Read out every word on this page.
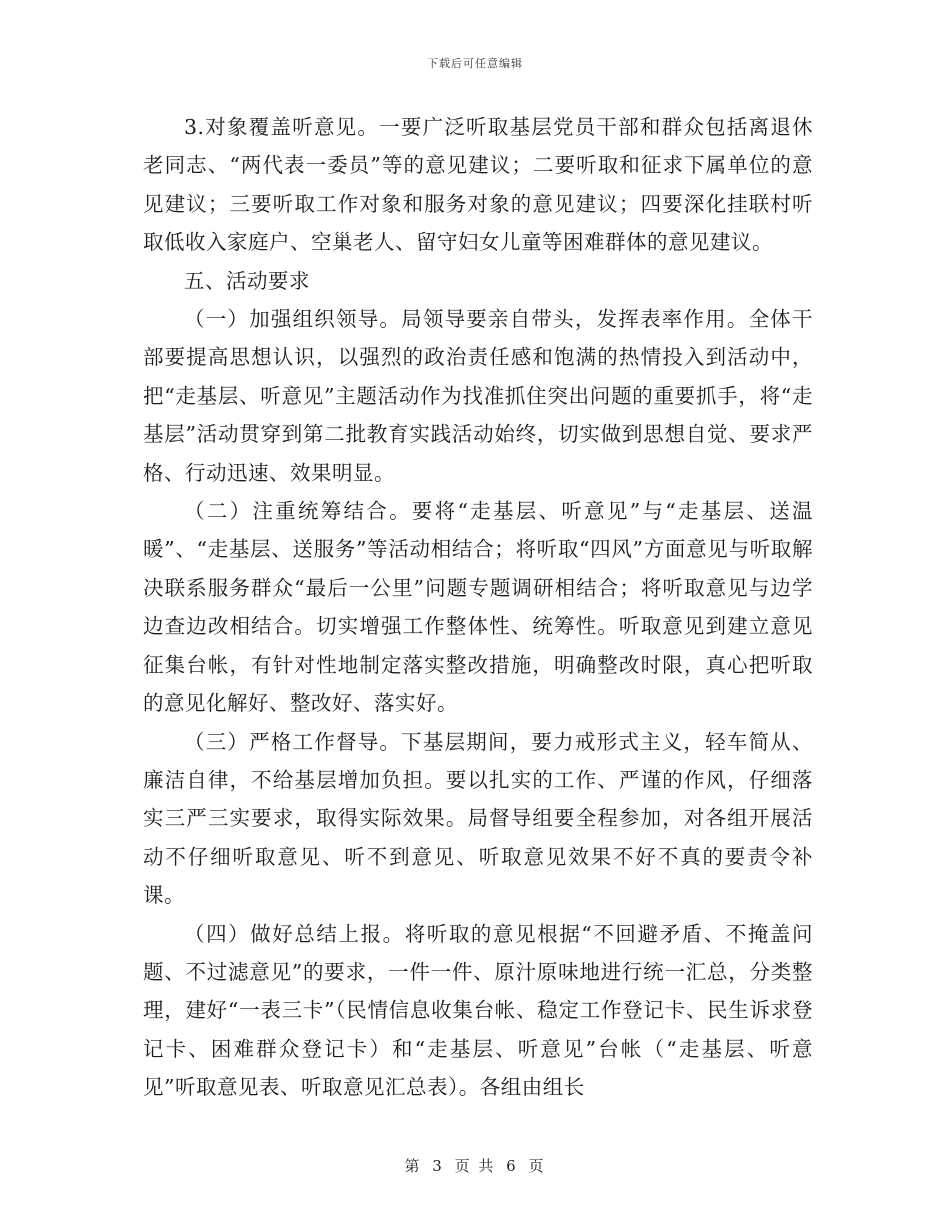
下载后可任意编辑

3.对象覆盖听意见。一要广泛听取基层党员干部和群众包括离退休老同志、“两代表一委员”等的意见建议；二要听取和征求下属单位的意见建议；三要听取工作对象和服务对象的意见建议；四要深化挂联村听取低收入家庭户、空巢老人、留守妇女儿童等困难群体的意见建议。

五、活动要求

（一）加强组织领导。局领导要亲自带头，发挥表率作用。全体干部要提高思想认识，以强烈的政治责任感和饱满的热情投入到活动中，把“走基层、听意见”主题活动作为找准抓住突出问题的重要抓手，将“走基层”活动贯穿到第二批教育实践活动始终，切实做到思想自觉、要求严格、行动迅速、效果明显。

（二）注重统筹结合。要将“走基层、听意见”与“走基层、送温暖”、“走基层、送服务”等活动相结合；将听取“四风”方面意见与听取解决联系服务群众“最后一公里”问题专题调研相结合；将听取意见与边学边查边改相结合。切实增强工作整体性、统筹性。听取意见到建立意见征集台帐，有针对性地制定落实整改措施，明确整改时限，真心把听取的意见化解好、整改好、落实好。

（三）严格工作督导。下基层期间，要力戒形式主义，轻车简从、廉洁自律，不给基层增加负担。要以扎实的工作、严谨的作风，仔细落实三严三实要求，取得实际效果。局督导组要全程参加，对各组开展活动不仔细听取意见、听不到意见、听取意见效果不好不真的要责令补课。

（四）做好总结上报。将听取的意见根据“不回避矛盾、不掩盖问题、不过滤意见”的要求，一件一件、原汁原味地进行统一汇总，分类整理，建好“一表三卡”（民情信息收集台帐、稳定工作登记卡、民生诉求登记卡、困难群众登记卡）和“走基层、听意见”台帐（“走基层、听意见”听取意见表、听取意见汇总表）。各组由组长

第 3 页 共 6 页
